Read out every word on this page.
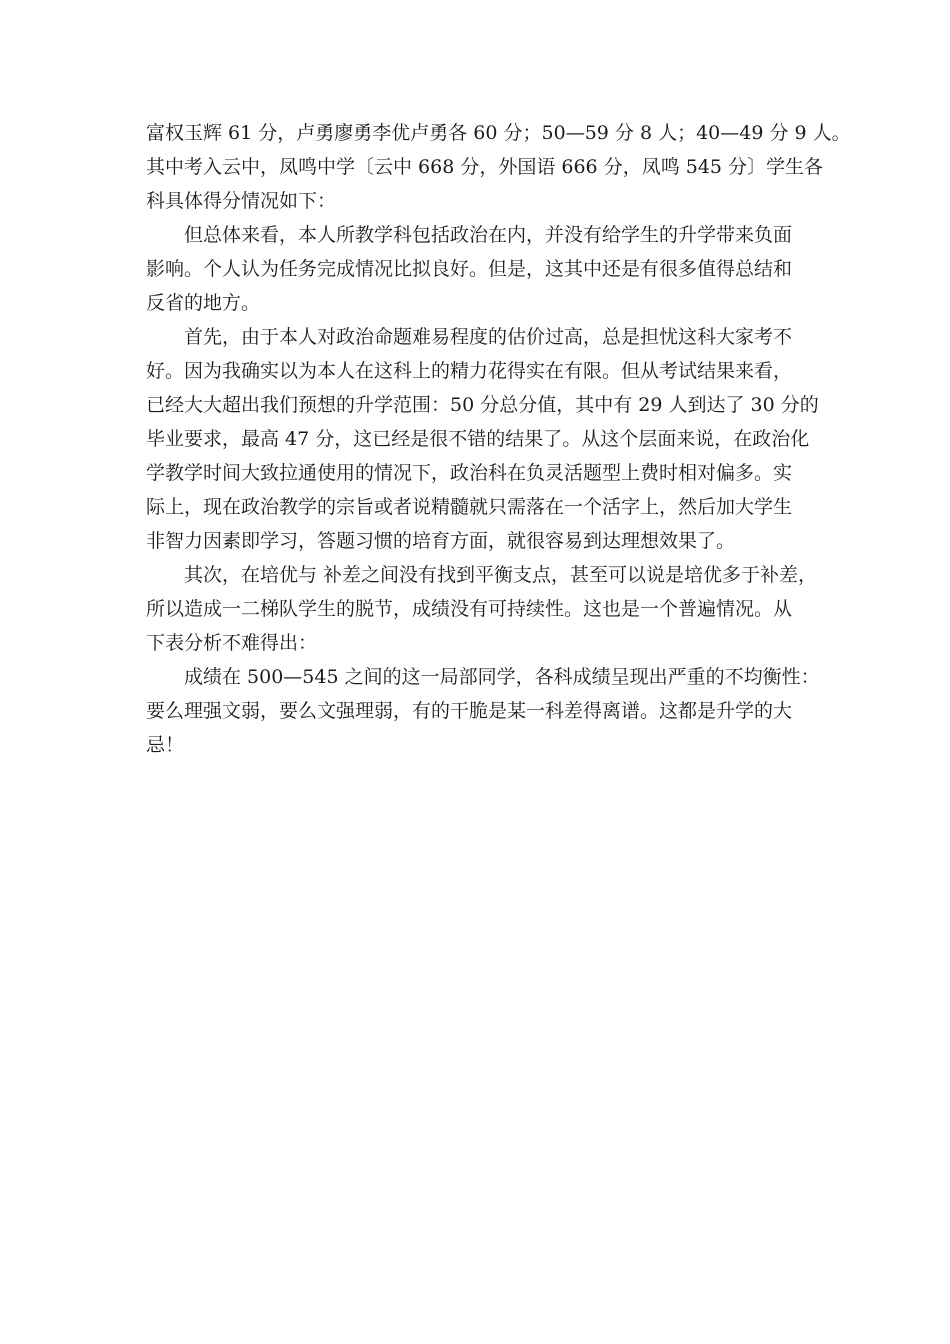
富权玉辉 61 分，卢勇廖勇李优卢勇各 60 分；50—59 分 8 人；40—49 分 9 人。
其中考入云中，凤鸣中学〔云中 668 分，外国语 666 分，凤鸣 545 分〕学生各
科具体得分情况如下：
但总体来看，本人所教学科包括政治在内，并没有给学生的升学带来负面
影响。个人认为任务完成情况比拟良好。但是，这其中还是有很多值得总结和
反省的地方。
首先，由于本人对政治命题难易程度的估价过高，总是担忧这科大家考不
好。因为我确实以为本人在这科上的精力花得实在有限。但从考试结果来看，
已经大大超出我们预想的升学范围：50 分总分值，其中有 29 人到达了 30 分的
毕业要求，最高 47 分，这已经是很不错的结果了。从这个层面来说，在政治化
学教学时间大致拉通使用的情况下，政治科在负灵活题型上费时相对偏多。实
际上，现在政治教学的宗旨或者说精髓就只需落在一个活字上，然后加大学生
非智力因素即学习，答题习惯的培育方面，就很容易到达理想效果了。
其次，在培优与 补差之间没有找到平衡支点，甚至可以说是培优多于补差，
所以造成一二梯队学生的脱节，成绩没有可持续性。这也是一个普遍情况。从
下表分析不难得出：
成绩在 500—545 之间的这一局部同学，各科成绩呈现出严重的不均衡性：
要么理强文弱，要么文强理弱，有的干脆是某一科差得离谱。这都是升学的大
忌！
